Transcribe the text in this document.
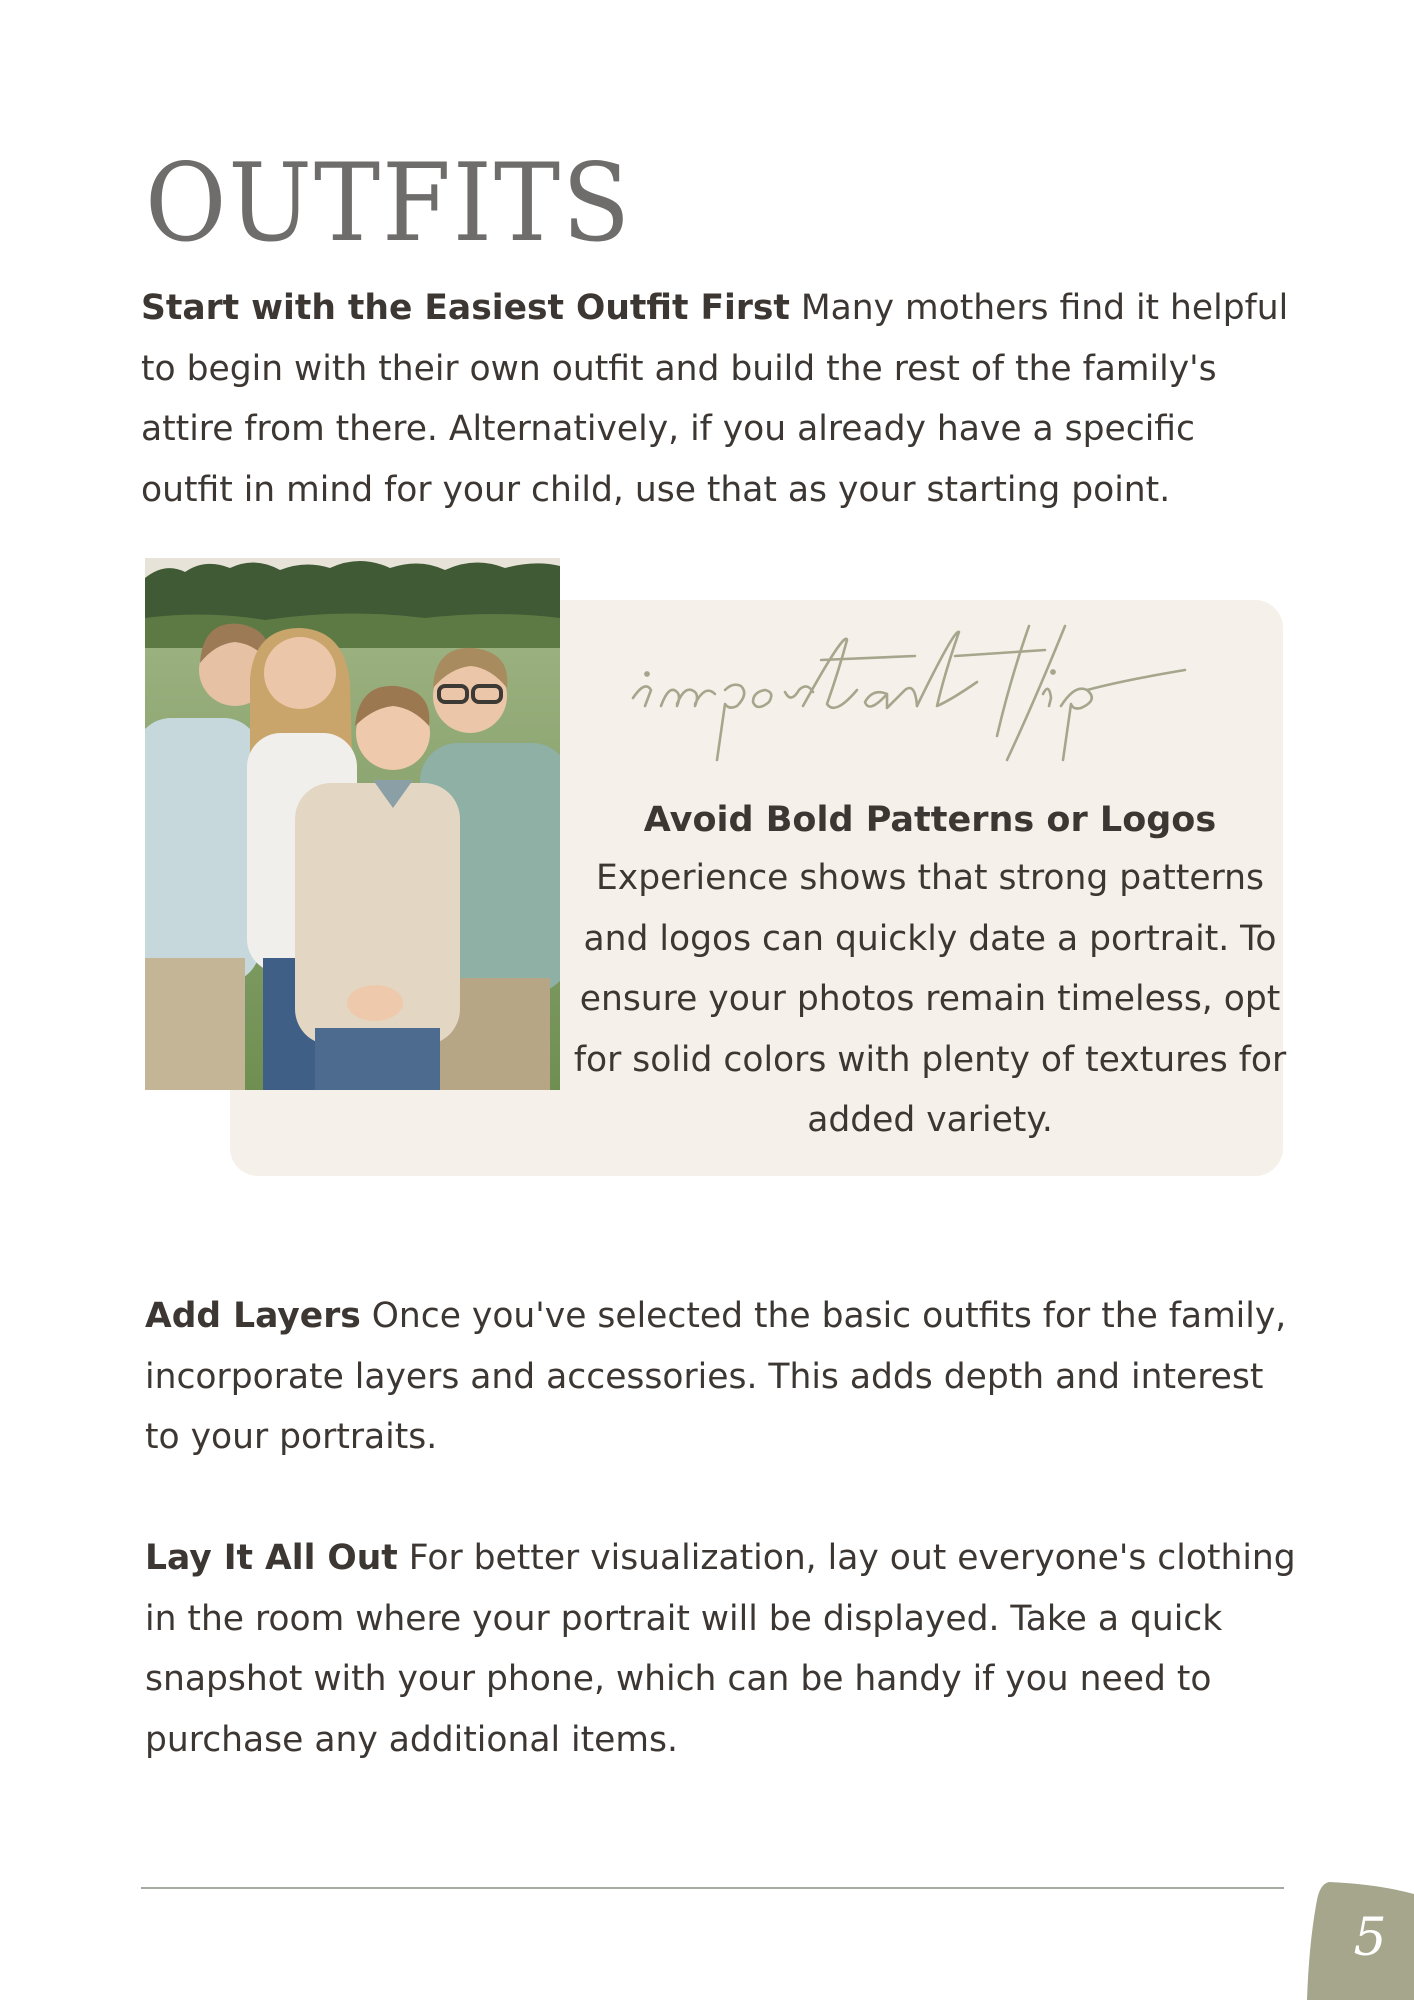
OUTFITS

Start with the Easiest Outfit First Many mothers find it helpful to begin with their own outfit and build the rest of the family's attire from there. Alternatively, if you already have a specific outfit in mind for your child, use that as your starting point.

important tip

Avoid Bold Patterns or Logos

Experience shows that strong patterns and logos can quickly date a portrait. To ensure your photos remain timeless, opt for solid colors with plenty of textures for added variety.

Add Layers Once you've selected the basic outfits for the family, incorporate layers and accessories. This adds depth and interest to your portraits.

Lay It All Out For better visualization, lay out everyone's clothing in the room where your portrait will be displayed. Take a quick snapshot with your phone, which can be handy if you need to purchase any additional items.

5
